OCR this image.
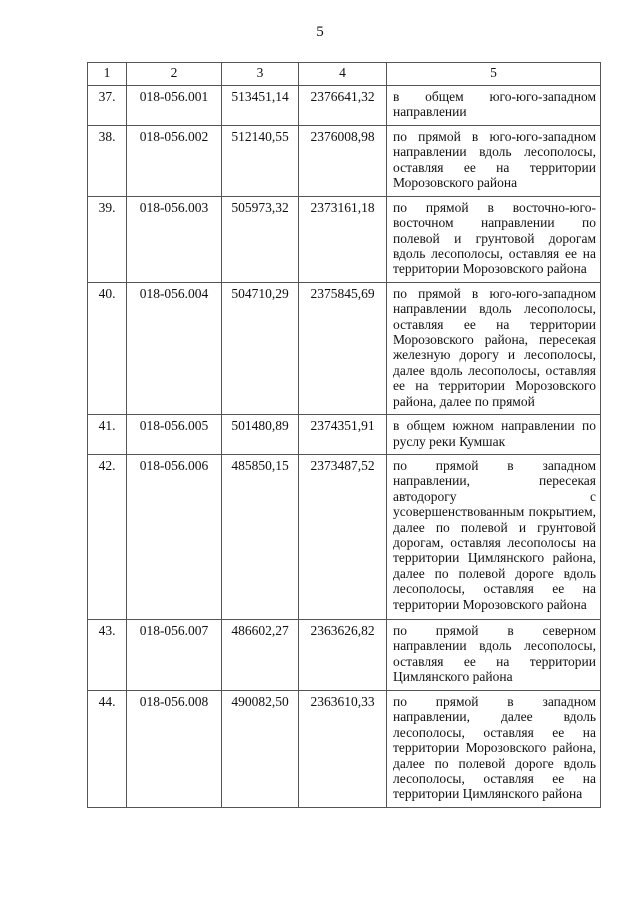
5
1	2	3	4	5
37.	018-056.001	513451,14	2376641,32	в общем юго-юго-западном направлении
38.	018-056.002	512140,55	2376008,98	по прямой в юго-юго-западном направлении вдоль лесополосы, оставляя ее на территории Морозовского района
39.	018-056.003	505973,32	2373161,18	по прямой в восточно-юго-восточном направлении по полевой и грунтовой дорогам вдоль лесополосы, оставляя ее на территории Морозовского района
40.	018-056.004	504710,29	2375845,69	по прямой в юго-юго-западном направлении вдоль лесополосы, оставляя ее на территории Морозовского района, пересекая железную дорогу и лесополосы, далее вдоль лесополосы, оставляя ее на территории Морозовского района, далее по прямой
41.	018-056.005	501480,89	2374351,91	в общем южном направлении по руслу реки Кумшак
42.	018-056.006	485850,15	2373487,52	по прямой в западном направлении, пересекая автодорогу с усовершенствованным покрытием, далее по полевой и грунтовой дорогам, оставляя лесополосы на территории Цимлянского района, далее по полевой дороге вдоль лесополосы, оставляя ее на территории Морозовского района
43.	018-056.007	486602,27	2363626,82	по прямой в северном направлении вдоль лесополосы, оставляя ее на территории Цимлянского района
44.	018-056.008	490082,50	2363610,33	по прямой в западном направлении, далее вдоль лесополосы, оставляя ее на территории Морозовского района, далее по полевой дороге вдоль лесополосы, оставляя ее на территории Цимлянского района
